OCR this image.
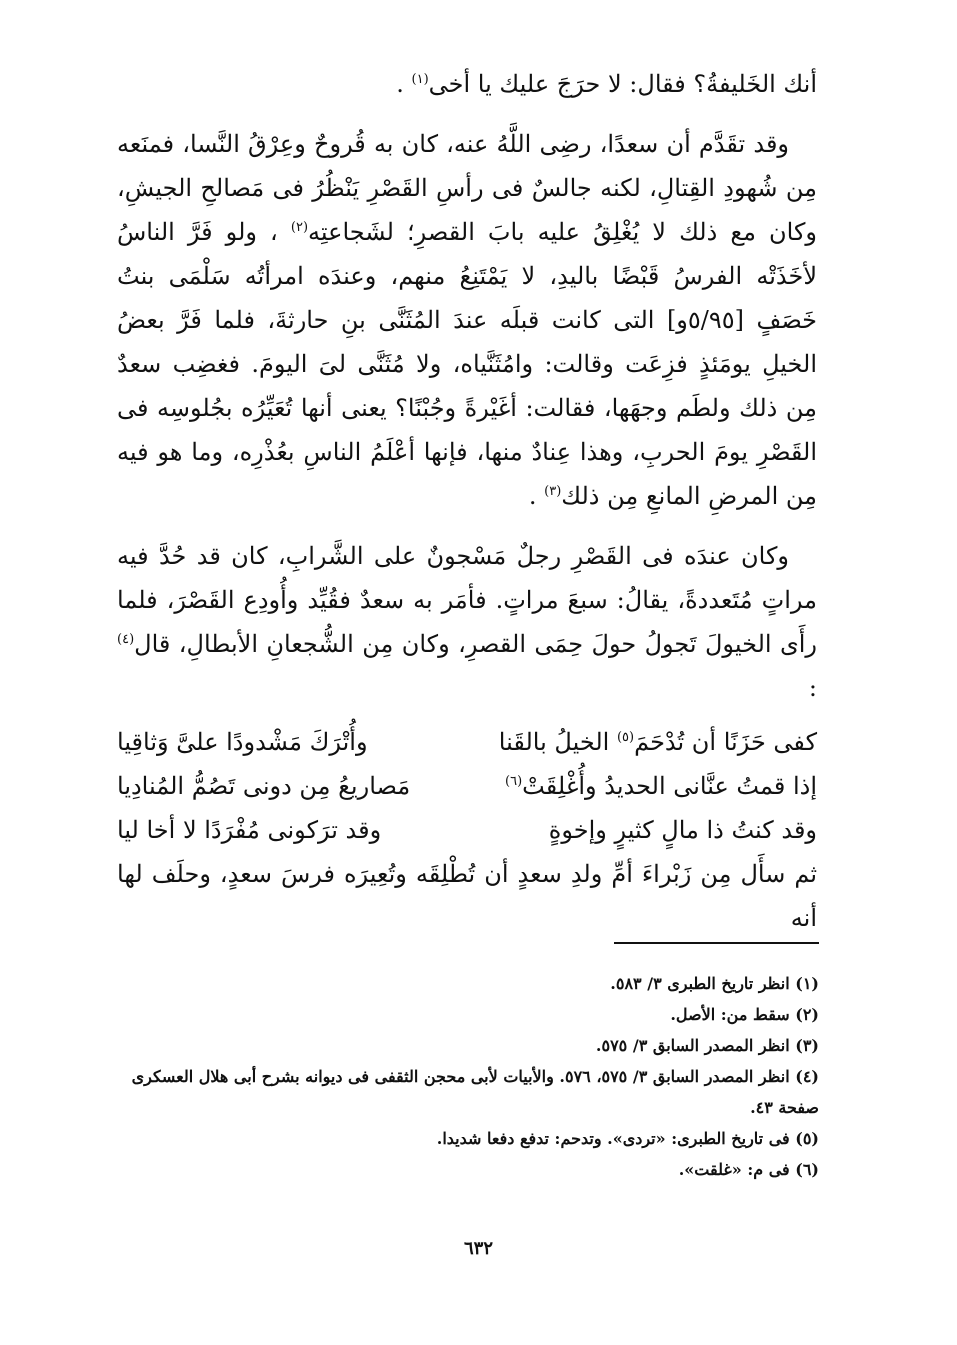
أنك الخَليفةُ؟ فقال: لا حرَجَ عليك يا أخى$^{(١)}$ .

وقد تقَدَّم أن سعدًا، رضِى اللَّهُ عنه، كان به قُروحٌ وعِرْقُ النَّسا، فمنَعه مِن شُهودِ القِتالِ، لكنه جالسٌ فى رأسِ القَصْرِ يَنْظُرُ فى مَصالحِ الجيشِ، وكان مع ذلك لا يُغْلِقُ عليه بابَ القصرِ؛ لشَجاعتِه$^{(٢)}$ ، ولو فَرَّ الناسُ لأخَذَتْه الفرسُ قَبْضًا باليدِ، لا يَمْتَنِعُ منهم، وعندَه امرأتُه سَلْمَى بنتُ خَصَفٍ [٥/٩٥و] التى كانت قبلَه عندَ المُثَنَّى بنِ حارثةَ، فلما فَرَّ بعضُ الخيلِ يومَئذٍ فزِعَت وقالت: وامُثَنَّياه، ولا مُثَنَّى لىَ اليومَ. فغضِب سعدٌ مِن ذلك ولطَم وجهَها، فقالت: أغَيْرةً وجُبْنًا؟ يعنى أنها تُعَيِّرُه بجُلوسِه فى القَصْرِ يومَ الحربِ، وهذا عِنادٌ منها، فإنها أعْلَمُ الناسِ بعُذْرِه، وما هو فيه مِن المرضِ المانعِ مِن ذلك$^{(٣)}$ .

وكان عندَه فى القَصْرِ رجلٌ مَسْجونٌ على الشَّرابِ، كان قد حُدَّ فيه مراتٍ مُتَعددةً، يقالُ: سبعَ مراتٍ. فأمَر به سعدٌ فقُيِّد وأُودِع القَصْرَ، فلما رأَى الخيولَ تَجولُ حولَ حِمَى القصرِ، وكان مِن الشُّجعانِ الأبطالِ، قال$^{(٤)}$ :

كفى حَزَنًا أن تُدْحَمَ$^{(٥)}$ الخيلُ بالقَنا
وأُتْرَكَ مَشْدودًا علىَّ وَثاقِيا
إذا قمتُ عنَّانى الحديدُ وأُغْلِقَتْ$^{(٦)}$
مَصاريعُ مِن دونى تَصُمُّ المُنادِيا
وقد كنتُ ذا مالٍ كثيرٍ وإخوةٍ
وقد ترَكونى مُفْرَدًا لا أخا ليا

ثم سأَل مِن زَبْراءَ أمِّ ولدِ سعدٍ أن تُطْلِقَه وتُعِيرَه فرسَ سعدٍ، وحلَف لها أنه

(١) انظر تاريخ الطبرى ٣/ ٥٨٣.

(٢) سقط من: الأصل.

(٣) انظر المصدر السابق ٣/ ٥٧٥.

(٤) انظر المصدر السابق ٣/ ٥٧٥، ٥٧٦. والأبيات لأبى محجن الثقفى فى ديوانه بشرح أبى هلال العسكرى صفحة ٤٣.

(٥) فى تاريخ الطبرى: «تردى». وتدحم: تدفع دفعا شديدا.

(٦) فى م: «غلقت».

٦٣٢
